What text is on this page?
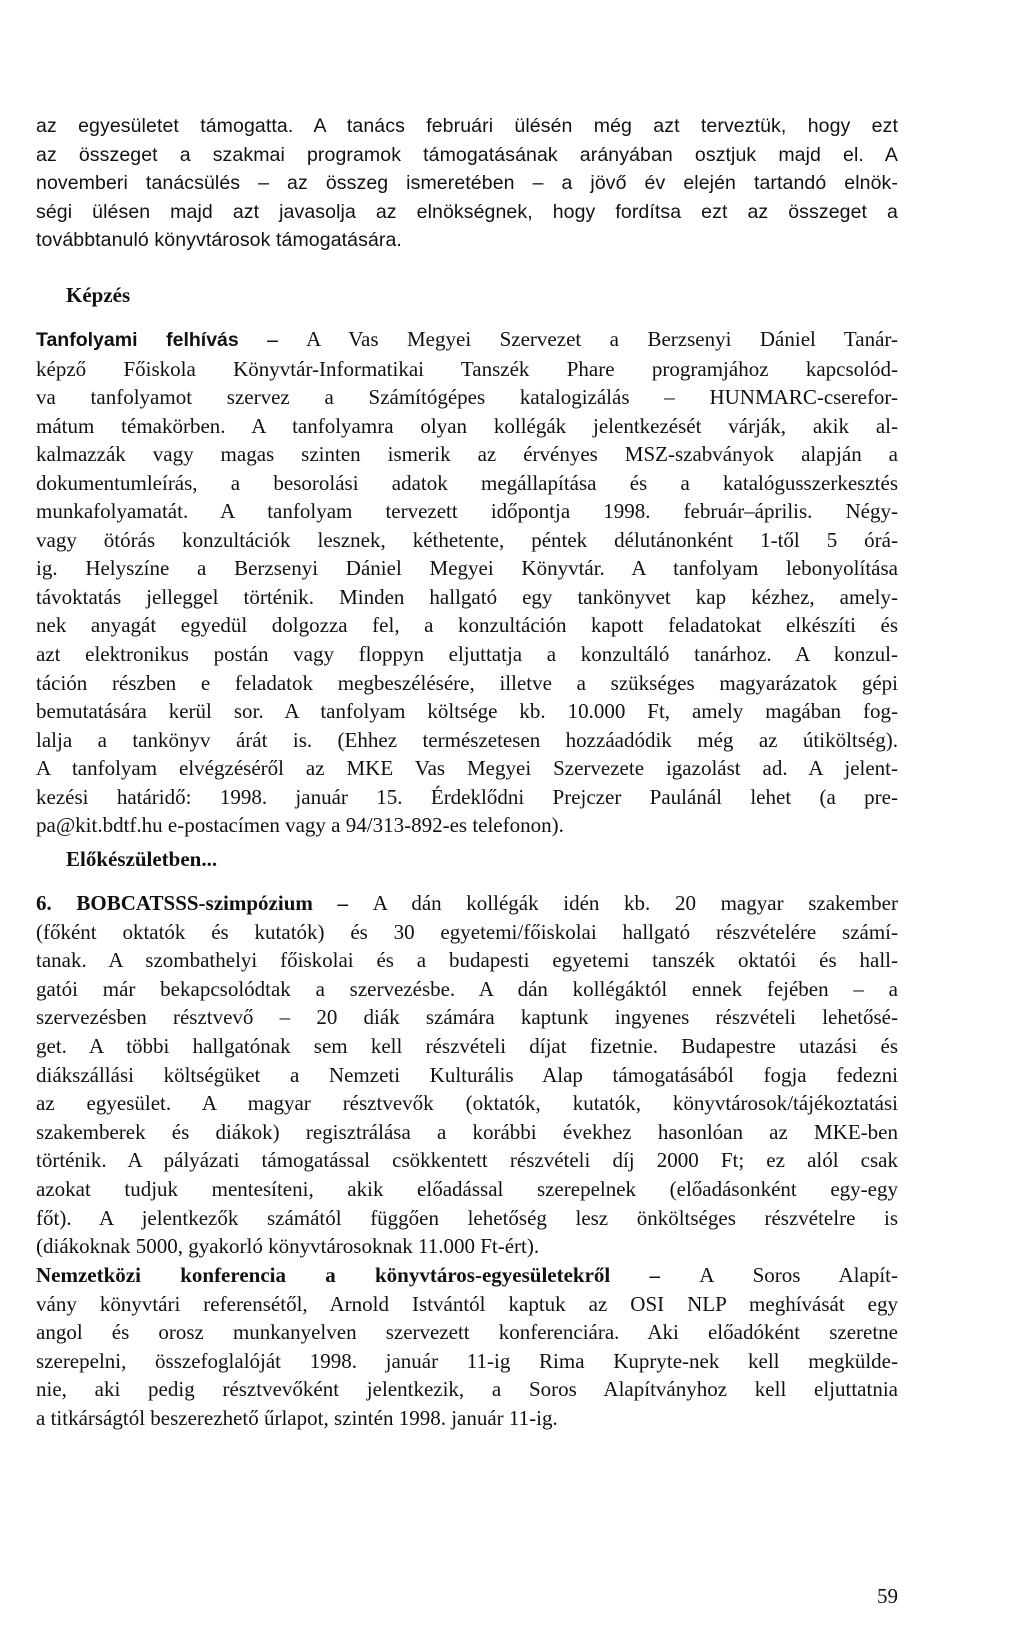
az egyesületet támogatta. A tanács februári ülésén még azt terveztük, hogy ezt
az összeget a szakmai programok támogatásának arányában osztjuk majd el. A
novemberi tanácsülés – az összeg ismeretében – a jövő év elején tartandó elnök-
ségi ülésen majd azt javasolja az elnökségnek, hogy fordítsa ezt az összeget a
továbbtanuló könyvtárosok támogatására.
Képzés
Tanfolyami felhívás – A Vas Megyei Szervezet a Berzsenyi Dániel Tanár-
képző Főiskola Könyvtár-Informatikai Tanszék Phare programjához kapcsolód-
va tanfolyamot szervez a Számítógépes katalogizálás – HUNMARC-cserefor-
mátum témakörben. A tanfolyamra olyan kollégák jelentkezését várják, akik al-
kalmazzák vagy magas szinten ismerik az érvényes MSZ-szabványok alapján a
dokumentumleírás, a besorolási adatok megállapítása és a katalógusszerkesztés
munkafolyamatát. A tanfolyam tervezett időpontja 1998. február–április. Négy-
vagy ötórás konzultációk lesznek, kéthetente, péntek délutánonként 1-től 5 órá-
ig. Helyszíne a Berzsenyi Dániel Megyei Könyvtár. A tanfolyam lebonyolítása
távoktatás jelleggel történik. Minden hallgató egy tankönyvet kap kézhez, amely-
nek anyagát egyedül dolgozza fel, a konzultáción kapott feladatokat elkészíti és
azt elektronikus postán vagy floppyn eljuttatja a konzultáló tanárhoz. A konzul-
táción részben e feladatok megbeszélésére, illetve a szükséges magyarázatok gépi
bemutatására kerül sor. A tanfolyam költsége kb. 10.000 Ft, amely magában fog-
lalja a tankönyv árát is. (Ehhez természetesen hozzáadódik még az útiköltség).
A tanfolyam elvégzéséről az MKE Vas Megyei Szervezete igazolást ad. A jelent-
kezési határidő: 1998. január 15. Érdeklődni Prejczer Paulánál lehet (a pre-
pa@kit.bdtf.hu e-postacímen vagy a 94/313-892-es telefonon).
Előkészületben...
6. BOBCATSSS-szimpózium – A dán kollégák idén kb. 20 magyar szakember
(főként oktatók és kutatók) és 30 egyetemi/főiskolai hallgató részvételére számí-
tanak. A szombathelyi főiskolai és a budapesti egyetemi tanszék oktatói és hall-
gatói már bekapcsolódtak a szervezésbe. A dán kollégáktól ennek fejében – a
szervezésben résztvevő – 20 diák számára kaptunk ingyenes részvételi lehetősé-
get. A többi hallgatónak sem kell részvételi díjat fizetnie. Budapestre utazási és
diákszállási költségüket a Nemzeti Kulturális Alap támogatásából fogja fedezni
az egyesület. A magyar résztvevők (oktatók, kutatók, könyvtárosok/tájékoztatási
szakemberek és diákok) regisztrálása a korábbi évekhez hasonlóan az MKE-ben
történik. A pályázati támogatással csökkentett részvételi díj 2000 Ft; ez alól csak
azokat tudjuk mentesíteni, akik előadással szerepelnek (előadásonként egy-egy
főt). A jelentkezők számától függően lehetőség lesz önköltséges részvételre is
(diákoknak 5000, gyakorló könyvtárosoknak 11.000 Ft-ért).
Nemzetközi konferencia a könyvtáros-egyesületekről – A Soros Alapít-
vány könyvtári referensétől, Arnold Istvántól kaptuk az OSI NLP meghívását egy
angol és orosz munkanyelven szervezett konferenciára. Aki előadóként szeretne
szerepelni, összefoglalóját 1998. január 11-ig Rima Kupryte-nek kell megkülde-
nie, aki pedig résztvevőként jelentkezik, a Soros Alapítványhoz kell eljuttatnia
a titkárságtól beszerezhető űrlapot, szintén 1998. január 11-ig.
59
